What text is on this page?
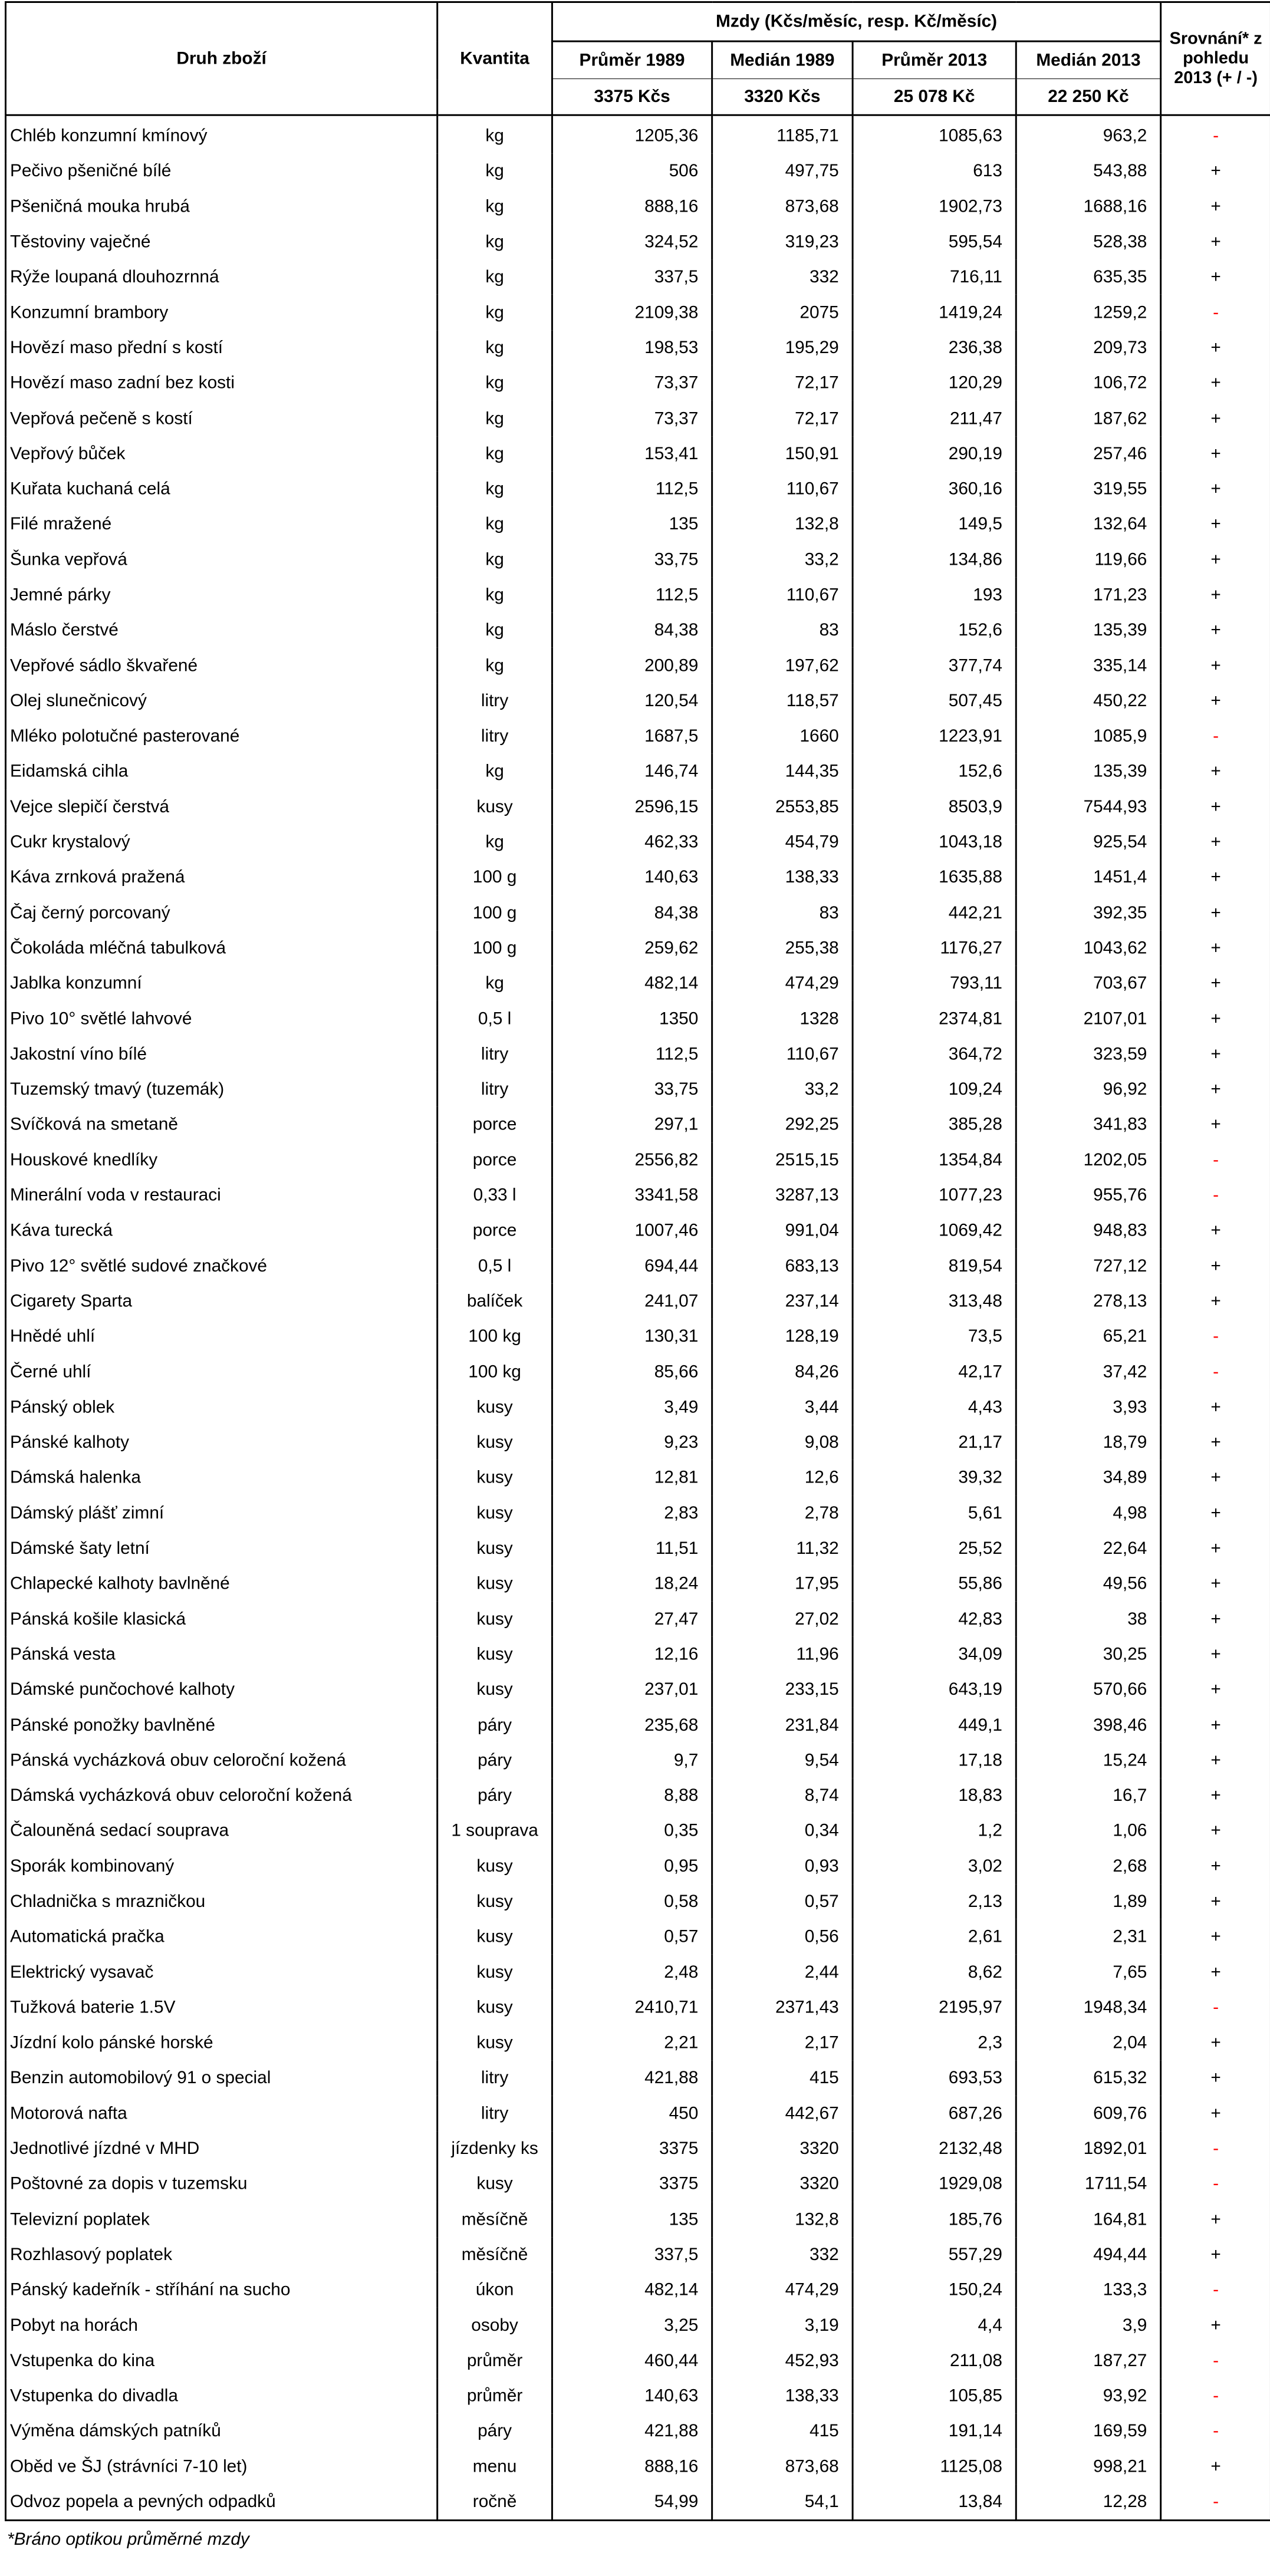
Druh zboží	Kvantita	Mzdy (Kčs/měsíc, resp. Kč/měsíc)				Srovnání* z pohledu 2013 (+ / -)
		Průměr 1989	Medián 1989	Průměr 2013	Medián 2013	
		3375 Kčs	3320 Kčs	25 078 Kč	22 250 Kč	
Chléb konzumní kmínový	kg	1205,36	1185,71	1085,63	963,2	-
Pečivo pšeničné bílé	kg	506	497,75	613	543,88	+
Pšeničná mouka hrubá	kg	888,16	873,68	1902,73	1688,16	+
Těstoviny vaječné	kg	324,52	319,23	595,54	528,38	+
Rýže loupaná dlouhozrnná	kg	337,5	332	716,11	635,35	+
Konzumní brambory	kg	2109,38	2075	1419,24	1259,2	-
Hovězí maso přední s kostí	kg	198,53	195,29	236,38	209,73	+
Hovězí maso zadní bez kosti	kg	73,37	72,17	120,29	106,72	+
Vepřová pečeně s kostí	kg	73,37	72,17	211,47	187,62	+
Vepřový bůček	kg	153,41	150,91	290,19	257,46	+
Kuřata kuchaná celá	kg	112,5	110,67	360,16	319,55	+
Filé mražené	kg	135	132,8	149,5	132,64	+
Šunka vepřová	kg	33,75	33,2	134,86	119,66	+
Jemné párky	kg	112,5	110,67	193	171,23	+
Máslo čerstvé	kg	84,38	83	152,6	135,39	+
Vepřové sádlo škvařené	kg	200,89	197,62	377,74	335,14	+
Olej slunečnicový	litry	120,54	118,57	507,45	450,22	+
Mléko polotučné pasterované	litry	1687,5	1660	1223,91	1085,9	-
Eidamská cihla	kg	146,74	144,35	152,6	135,39	+
Vejce slepičí čerstvá	kusy	2596,15	2553,85	8503,9	7544,93	+
Cukr krystalový	kg	462,33	454,79	1043,18	925,54	+
Káva zrnková pražená	100 g	140,63	138,33	1635,88	1451,4	+
Čaj černý porcovaný	100 g	84,38	83	442,21	392,35	+
Čokoláda mléčná tabulková	100 g	259,62	255,38	1176,27	1043,62	+
Jablka konzumní	kg	482,14	474,29	793,11	703,67	+
Pivo 10° světlé lahvové	0,5 l	1350	1328	2374,81	2107,01	+
Jakostní víno bílé	litry	112,5	110,67	364,72	323,59	+
Tuzemský tmavý (tuzemák)	litry	33,75	33,2	109,24	96,92	+
Svíčková na smetaně	porce	297,1	292,25	385,28	341,83	+
Houskové knedlíky	porce	2556,82	2515,15	1354,84	1202,05	-
Minerální voda v restauraci	0,33 l	3341,58	3287,13	1077,23	955,76	-
Káva turecká	porce	1007,46	991,04	1069,42	948,83	+
Pivo 12° světlé sudové značkové	0,5 l	694,44	683,13	819,54	727,12	+
Cigarety Sparta	balíček	241,07	237,14	313,48	278,13	+
Hnědé uhlí	100 kg	130,31	128,19	73,5	65,21	-
Černé uhlí	100 kg	85,66	84,26	42,17	37,42	-
Pánský oblek	kusy	3,49	3,44	4,43	3,93	+
Pánské kalhoty	kusy	9,23	9,08	21,17	18,79	+
Dámská halenka	kusy	12,81	12,6	39,32	34,89	+
Dámský plášť zimní	kusy	2,83	2,78	5,61	4,98	+
Dámské šaty letní	kusy	11,51	11,32	25,52	22,64	+
Chlapecké kalhoty bavlněné	kusy	18,24	17,95	55,86	49,56	+
Pánská košile klasická	kusy	27,47	27,02	42,83	38	+
Pánská vesta	kusy	12,16	11,96	34,09	30,25	+
Dámské punčochové kalhoty	kusy	237,01	233,15	643,19	570,66	+
Pánské ponožky bavlněné	páry	235,68	231,84	449,1	398,46	+
Pánská vycházková obuv celoroční kožená	páry	9,7	9,54	17,18	15,24	+
Dámská vycházková obuv celoroční kožená	páry	8,88	8,74	18,83	16,7	+
Čalouněná sedací souprava	1 souprava	0,35	0,34	1,2	1,06	+
Sporák kombinovaný	kusy	0,95	0,93	3,02	2,68	+
Chladnička s mrazničkou	kusy	0,58	0,57	2,13	1,89	+
Automatická pračka	kusy	0,57	0,56	2,61	2,31	+
Elektrický vysavač	kusy	2,48	2,44	8,62	7,65	+
Tužková baterie 1.5V	kusy	2410,71	2371,43	2195,97	1948,34	-
Jízdní kolo pánské horské	kusy	2,21	2,17	2,3	2,04	+
Benzin automobilový 91 o special	litry	421,88	415	693,53	615,32	+
Motorová nafta	litry	450	442,67	687,26	609,76	+
Jednotlivé jízdné v MHD	jízdenky ks	3375	3320	2132,48	1892,01	-
Poštovné za dopis v tuzemsku	kusy	3375	3320	1929,08	1711,54	-
Televizní poplatek	měsíčně	135	132,8	185,76	164,81	+
Rozhlasový poplatek	měsíčně	337,5	332	557,29	494,44	+
Pánský kadeřník - stříhání na sucho	úkon	482,14	474,29	150,24	133,3	-
Pobyt na horách	osoby	3,25	3,19	4,4	3,9	+
Vstupenka do kina	průměr	460,44	452,93	211,08	187,27	-
Vstupenka do divadla	průměr	140,63	138,33	105,85	93,92	-
Výměna dámských patníků	páry	421,88	415	191,14	169,59	-
Oběd ve ŠJ (strávníci 7-10 let)	menu	888,16	873,68	1125,08	998,21	+
Odvoz popela a pevných odpadků	ročně	54,99	54,1	13,84	12,28	-
*Bráno optikou průměrné mzdy
